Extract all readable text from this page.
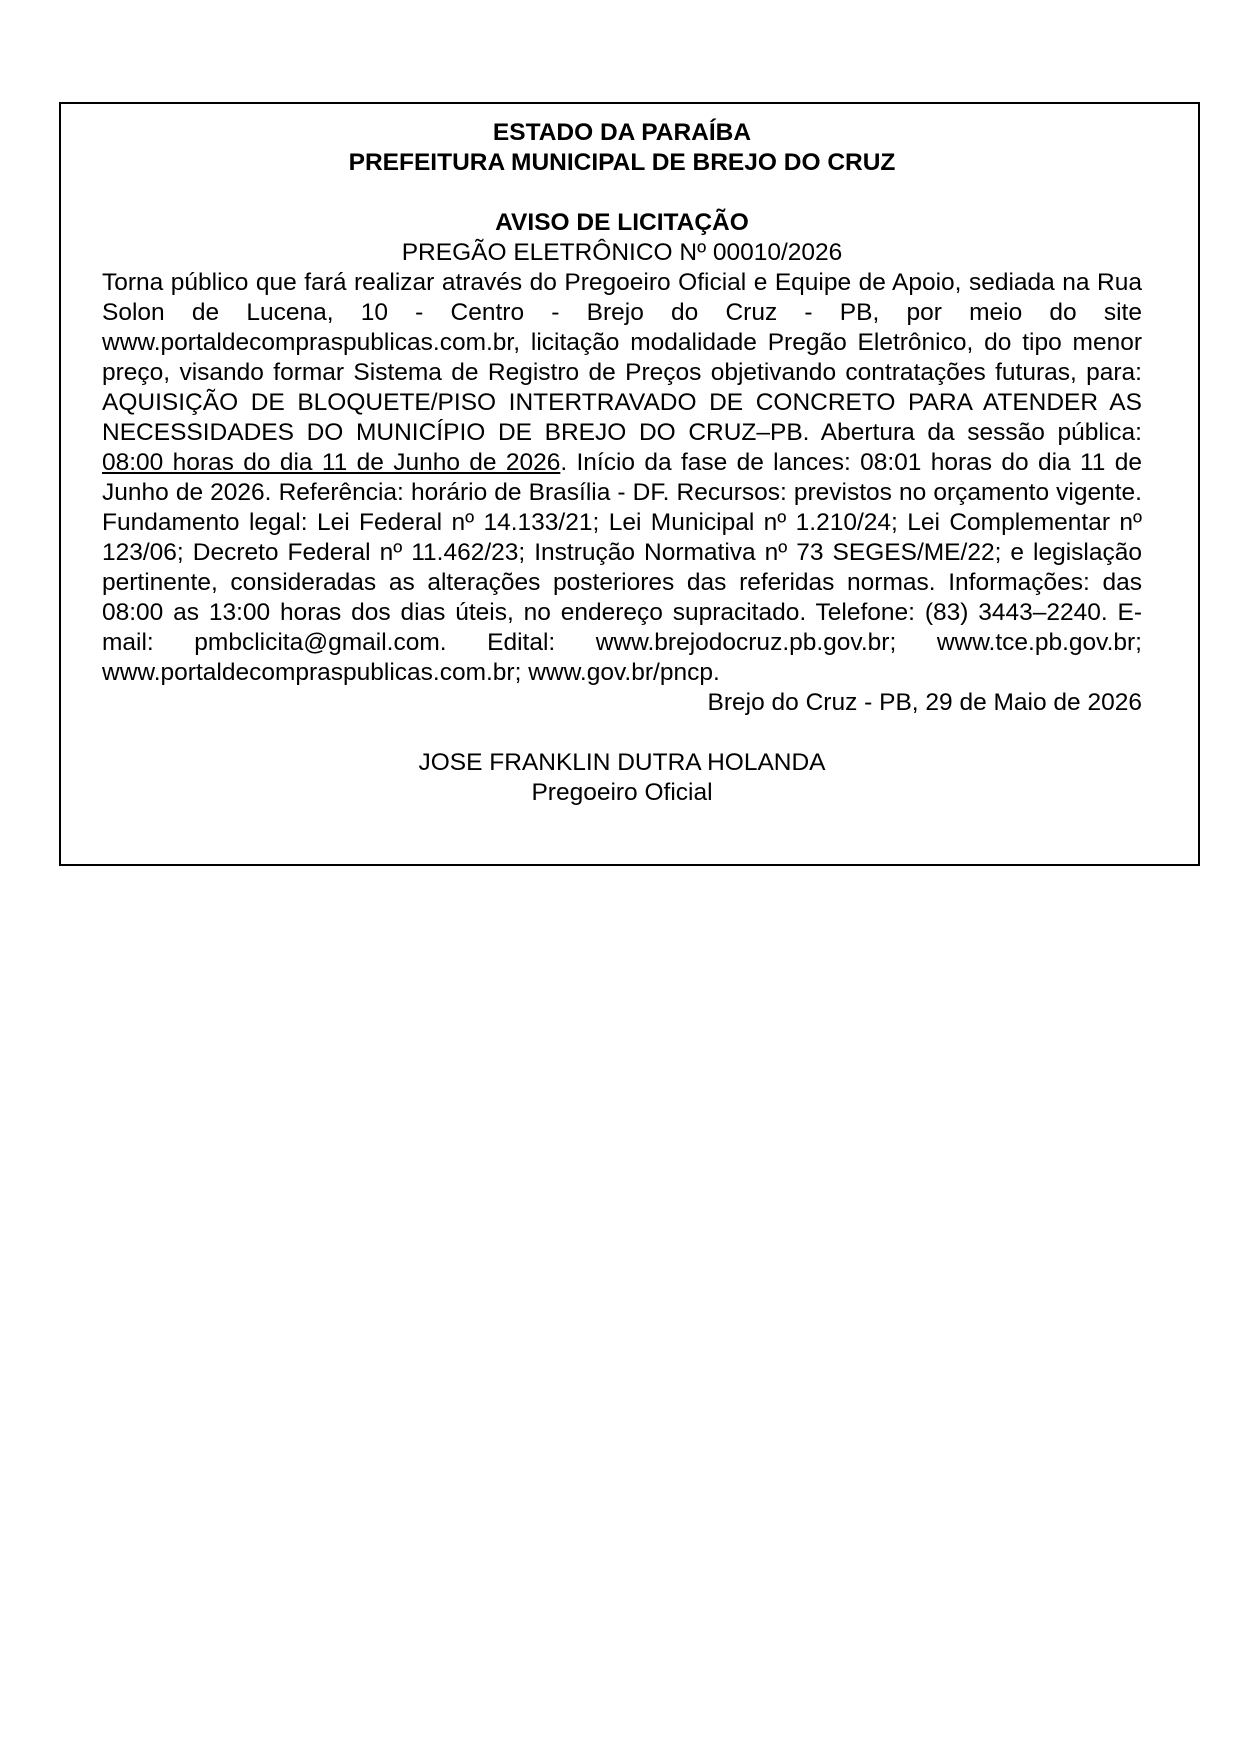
ESTADO DA PARAÍBA

PREFEITURA MUNICIPAL DE BREJO DO CRUZ

AVISO DE LICITAÇÃO

PREGÃO ELETRÔNICO Nº 00010/2026

Torna público que fará realizar através do Pregoeiro Oficial e Equipe de Apoio, sediada na Rua Solon de Lucena, 10 - Centro - Brejo do Cruz - PB, por meio do site www.portaldecompraspublicas.com.br, licitação modalidade Pregão Eletrônico, do tipo menor preço, visando formar Sistema de Registro de Preços objetivando contratações futuras, para: AQUISIÇÃO DE BLOQUETE/PISO INTERTRAVADO DE CONCRETO PARA ATENDER AS NECESSIDADES DO MUNICÍPIO DE BREJO DO CRUZ–PB. Abertura da sessão pública: 08:00 horas do dia 11 de Junho de 2026. Início da fase de lances: 08:01 horas do dia 11 de Junho de 2026. Referência: horário de Brasília - DF. Recursos: previstos no orçamento vigente. Fundamento legal: Lei Federal nº 14.133/21; Lei Municipal nº 1.210/24; Lei Complementar nº 123/06; Decreto Federal nº 11.462/23; Instrução Normativa nº 73 SEGES/ME/22; e legislação pertinente, consideradas as alterações posteriores das referidas normas. Informações: das 08:00 as 13:00 horas dos dias úteis, no endereço supracitado. Telefone: (83) 3443–2240. E-mail: pmbclicita@gmail.com. Edital: www.brejodocruz.pb.gov.br; www.tce.pb.gov.br; www.portaldecompraspublicas.com.br; www.gov.br/pncp.

Brejo do Cruz - PB, 29 de Maio de 2026

JOSE FRANKLIN DUTRA HOLANDA

Pregoeiro Oficial
